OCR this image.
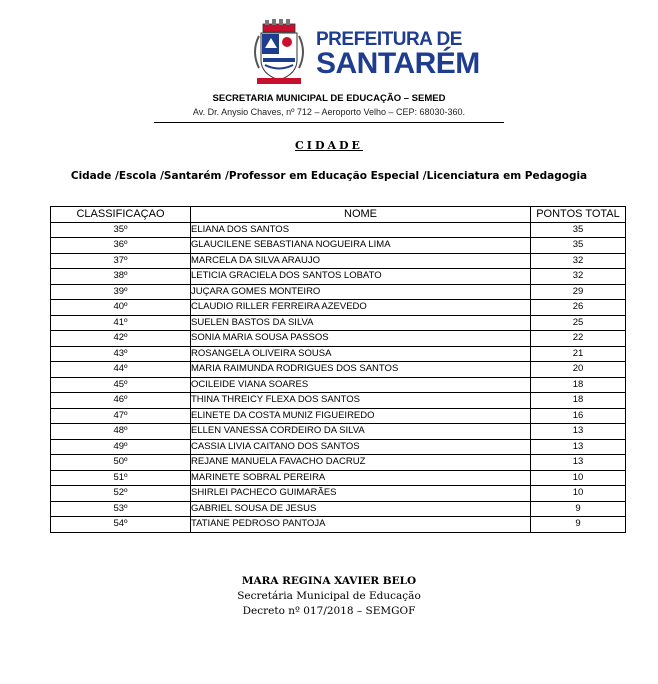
PREFEITURA DE
SANTARÉM
SECRETARIA MUNICIPAL DE EDUCAÇÃO – SEMED
Av. Dr. Anysio Chaves, nº 712 – Aeroporto Velho – CEP: 68030-360.
CIDADE
Cidade /Escola /Santarém /Professor em Educação Especial /Licenciatura em Pedagogia
CLASSIFICAÇAO	NOME	PONTOS TOTAL
35º	ELIANA DOS SANTOS	35
36º	GLAUCILENE SEBASTIANA NOGUEIRA LIMA	35
37º	MARCELA DA SILVA ARAUJO	32
38º	LETICIA GRACIELA DOS SANTOS LOBATO	32
39º	JUÇARA GOMES MONTEIRO	29
40º	CLAUDIO RILLER FERREIRA AZEVEDO	26
41º	SUELEN BASTOS DA SILVA	25
42º	SONIA MARIA SOUSA PASSOS	22
43º	ROSANGELA OLIVEIRA SOUSA	21
44º	MARIA RAIMUNDA RODRIGUES DOS SANTOS	20
45º	OCILEIDE VIANA SOARES	18
46º	THINA THREICY FLEXA DOS SANTOS	18
47º	ELINETE DA COSTA MUNIZ FIGUEIREDO	16
48º	ELLEN VANESSA CORDEIRO DA SILVA	13
49º	CASSIA LIVIA CAITANO DOS SANTOS	13
50º	REJANE MANUELA FAVACHO DACRUZ	13
51º	MARINETE SOBRAL PEREIRA	10
52º	SHIRLEI PACHECO GUIMARÃES	10
53º	GABRIEL SOUSA DE JESUS	9
54º	TATIANE PEDROSO PANTOJA	9
MARA REGINA XAVIER BELO
Secretária Municipal de Educação
Decreto nº 017/2018 – SEMGOF
